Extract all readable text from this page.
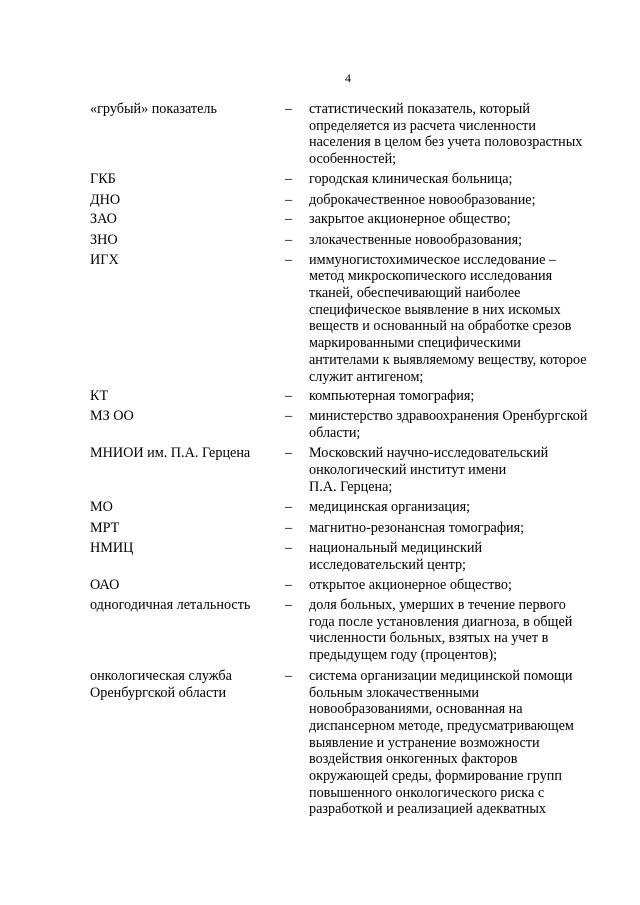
4
«грубый» показатель	–	статистический показатель, который
определяется из расчета численности
населения в целом без учета половозрастных
особенностей;
ГКБ	–	городская клиническая больница;
ДНО	–	доброкачественное новообразование;
ЗАО	–	закрытое акционерное общество;
ЗНО	–	злокачественные новообразования;
ИГХ	–	иммуногистохимическое исследование –
метод микроскопического исследования
тканей, обеспечивающий наиболее
специфическое выявление в них искомых
веществ и основанный на обработке срезов
маркированными специфическими
антителами к выявляемому веществу, которое
служит антигеном;
КТ	–	компьютерная томография;
МЗ ОО	–	министерство здравоохранения Оренбургской
области;
МНИОИ им. П.А. Герцена	–	Московский научно-исследовательский
онкологический институт имени
П.А. Герцена;
МО	–	медицинская организация;
МРТ	–	магнитно-резонансная томография;
НМИЦ	–	национальный медицинский
исследовательский центр;
ОАО	–	открытое акционерное общество;
одногодичная летальность	–	доля больных, умерших в течение первого
года после установления диагноза, в общей
численности больных, взятых на учет в
предыдущем году (процентов);
онкологическая служба
Оренбургской области
–	система организации медицинской помощи
больным злокачественными
новообразованиями, основанная на
диспансерном методе, предусматривающем
выявление и устранение возможности
воздействия онкогенных факторов
окружающей среды, формирование групп
повышенного онкологического риска с
разработкой и реализацией адекватных
